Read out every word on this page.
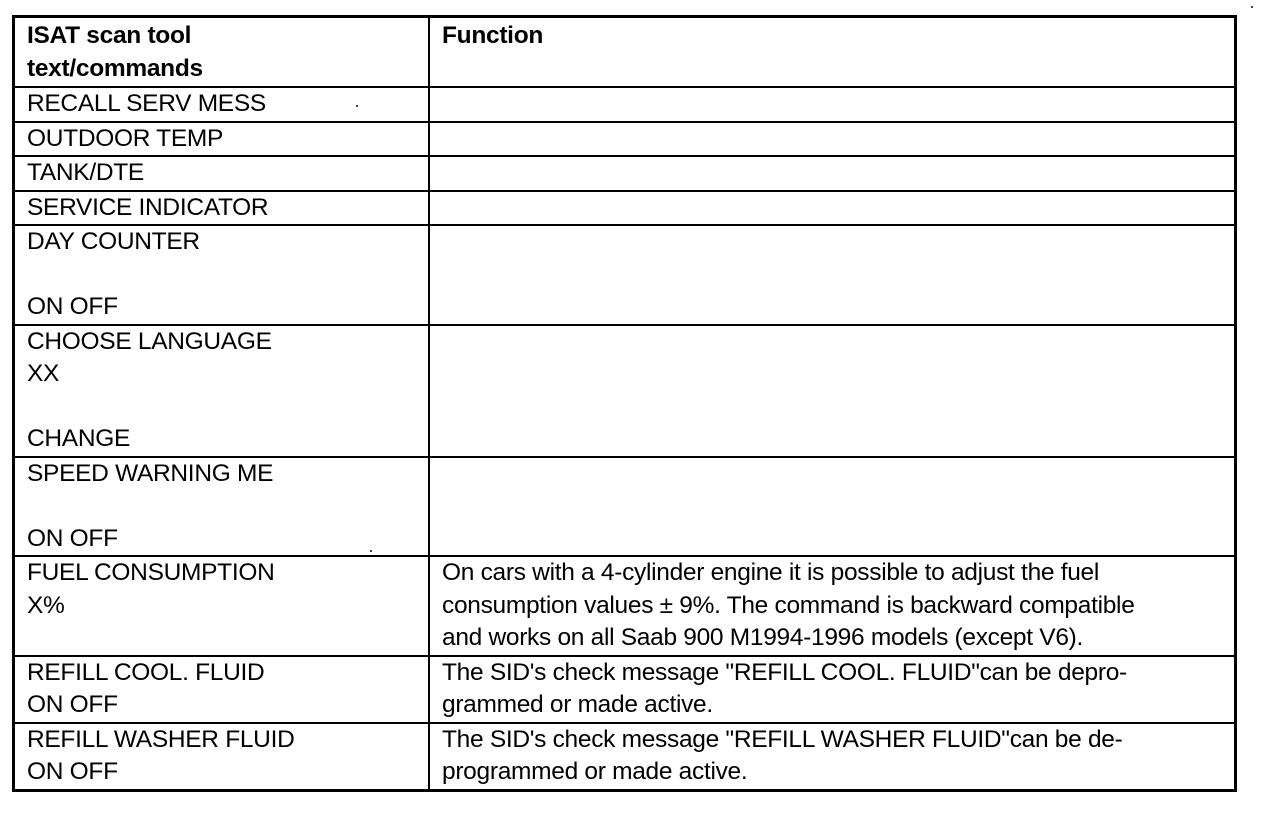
ISAT scan tool
text/commands	Function

RECALL SERV MESS	

OUTDOOR TEMP	

TANK/DTE	

SERVICE INDICATOR	

DAY COUNTER
ON OFF	

CHOOSE LANGUAGE
XX
CHANGE	

SPEED WARNING ME
ON OFF	

FUEL CONSUMPTION
X%	On cars with a 4-cylinder engine it is possible to adjust the fuel
consumption values ± 9%. The command is backward compatible
and works on all Saab 900 M1994-1996 models (except V6).

REFILL COOL. FLUID
ON OFF	The SID's check message "REFILL COOL. FLUID"can be depro-
grammed or made active.

REFILL WASHER FLUID
ON OFF	The SID's check message "REFILL WASHER FLUID"can be de-
programmed or made active.
